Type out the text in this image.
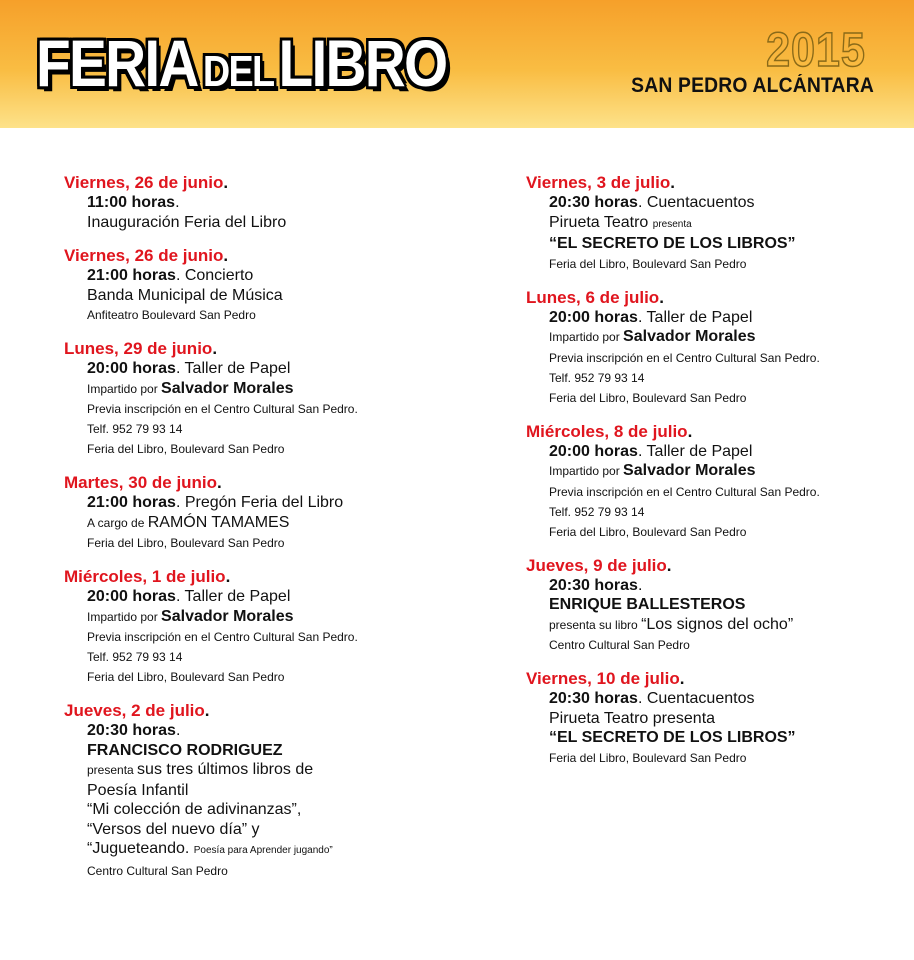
FERIA DELLIBRO	2015
SAN PEDRO ALCÁNTARA
Viernes, 26 de junio.
11:00 horas.
Inauguración Feria del Libro
Viernes, 26 de junio.
21:00 horas. Concierto
Banda Municipal de Música
Anfiteatro Boulevard San Pedro
Lunes, 29 de junio.
20:00 horas. Taller de Papel
Impartido por Salvador Morales
Previa inscripción en el Centro Cultural San Pedro.
Telf. 952 79 93 14
Feria del Libro, Boulevard San Pedro
Martes, 30 de junio.
21:00 horas. Pregón Feria del Libro
A cargo de RAMÓN TAMAMES
Feria del Libro, Boulevard San Pedro
Miércoles, 1 de julio.
20:00 horas. Taller de Papel
Impartido por Salvador Morales
Previa inscripción en el Centro Cultural San Pedro.
Telf. 952 79 93 14
Feria del Libro, Boulevard San Pedro
Jueves, 2 de julio.
20:30 horas.
FRANCISCO RODRIGUEZ
presenta sus tres últimos libros de
Poesía Infantil
“Mi colección de adivinanzas”,
“Versos del nuevo día” y
“Jugueteando. Poesía para Aprender jugando”
Centro Cultural San Pedro
Viernes, 3 de julio.
20:30 horas. Cuentacuentos
Pirueta Teatro presenta
“EL SECRETO DE LOS LIBROS”
Feria del Libro, Boulevard San Pedro
Lunes, 6 de julio.
20:00 horas. Taller de Papel
Impartido por Salvador Morales
Previa inscripción en el Centro Cultural San Pedro.
Telf. 952 79 93 14
Feria del Libro, Boulevard San Pedro
Miércoles, 8 de julio.
20:00 horas. Taller de Papel
Impartido por Salvador Morales
Previa inscripción en el Centro Cultural San Pedro.
Telf. 952 79 93 14
Feria del Libro, Boulevard San Pedro
Jueves, 9 de julio.
20:30 horas.
ENRIQUE BALLESTEROS
presenta su libro “Los signos del ocho”
Centro Cultural San Pedro
Viernes, 10 de julio.
20:30 horas. Cuentacuentos
Pirueta Teatro presenta
“EL SECRETO DE LOS LIBROS”
Feria del Libro, Boulevard San Pedro
